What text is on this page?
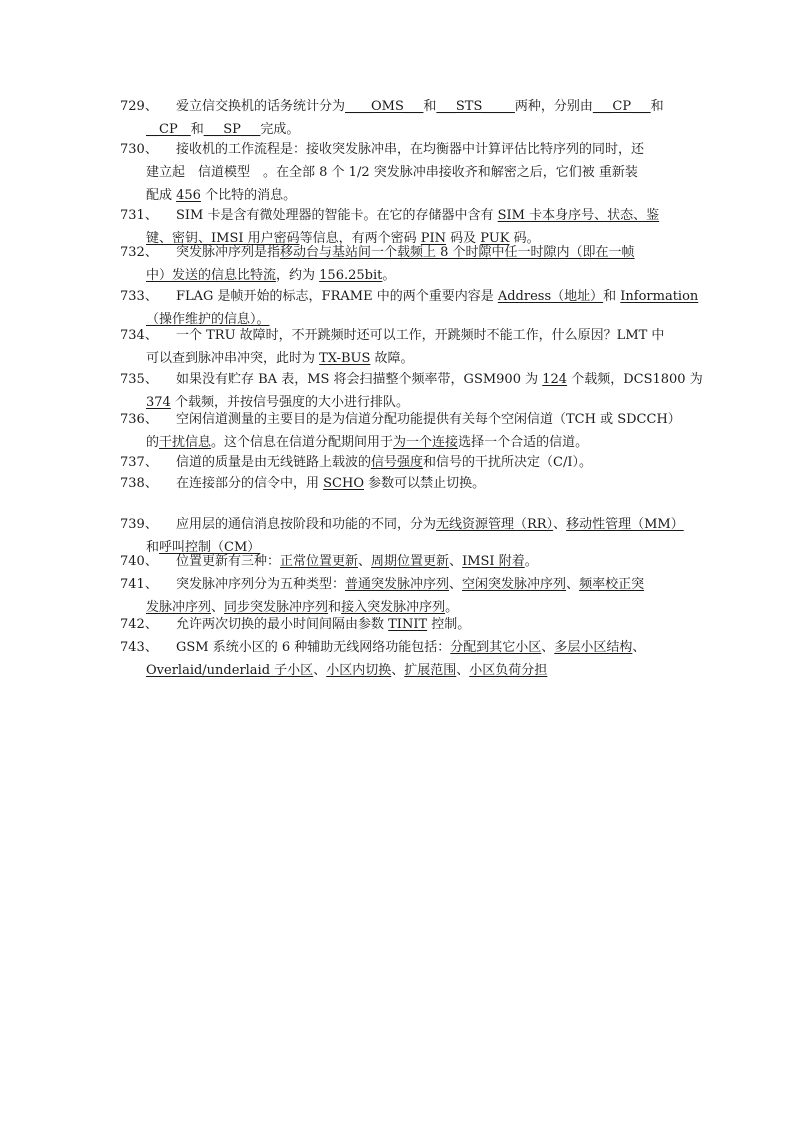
729、	爱立信交换机的话务统计分为____OMS___和___STS_____两种，分别由___CP___和
__CP__和___SP___完成。
730、	接收机的工作流程是：接收突发脉冲串，在均衡器中计算评估比特序列的同时，还
建立起　信道模型　。在全部 8 个 1/2 突发脉冲串接收齐和解密之后，它们被 重新装
配成 456 个比特的消息。
731、	SIM 卡是含有微处理器的智能卡。在它的存储器中含有 SIM 卡本身序号、状态、鉴
键、密钥、IMSI 用户密码等信息，有两个密码 PIN 码及 PUK 码。
732、	突发脉冲序列是指移动台与基站间一个载频上 8 个时隙中任一时隙内（即在一帧
中）发送的信息比特流，约为 156.25bit。
733、	FLAG 是帧开始的标志，FRAME 中的两个重要内容是 Address（地址）和 Information
（操作维护的信息）。
734、	一个 TRU 故障时，不开跳频时还可以工作，开跳频时不能工作，什么原因？LMT 中
可以查到脉冲串冲突，此时为 TX-BUS 故障。
735、	如果没有贮存 BA 表，MS 将会扫描整个频率带，GSM900 为 124 个载频，DCS1800 为
374 个载频，并按信号强度的大小进行排队。
736、	空闲信道测量的主要目的是为信道分配功能提供有关每个空闲信道（TCH 或 SDCCH）
的干扰信息。这个信息在信道分配期间用于为一个连接选择一个合适的信道。
737、	信道的质量是由无线链路上载波的信号强度和信号的干扰所决定（C/I）。
738、	在连接部分的信令中，用 SCHO 参数可以禁止切换。
739、	应用层的通信消息按阶段和功能的不同，分为无线资源管理（RR）、移动性管理（MM）
和呼叫控制（CM）
740、	位置更新有三种：正常位置更新、周期位置更新、IMSI 附着。
741、	突发脉冲序列分为五种类型：普通突发脉冲序列、空闲突发脉冲序列、频率校正突
发脉冲序列、同步突发脉冲序列和接入突发脉冲序列。
742、	允许两次切换的最小时间间隔由参数 TINIT 控制。
743、	GSM 系统小区的 6 种辅助无线网络功能包括：分配到其它小区、多层小区结构、
Overlaid/underlaid 子小区、小区内切换、扩展范围、小区负荷分担
